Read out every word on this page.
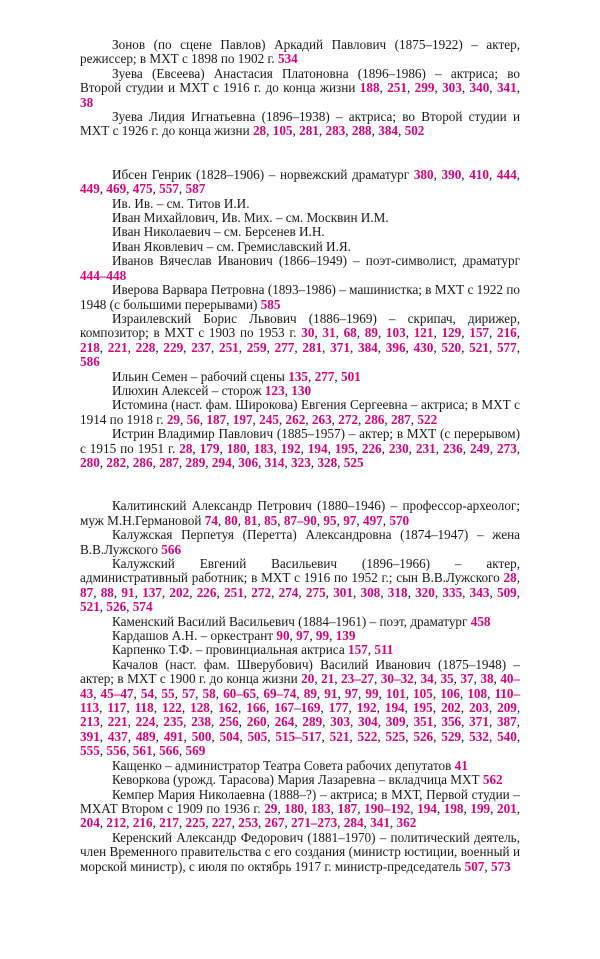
Зонов (по сцене Павлов) Аркадий Павлович (1875–1922) – актер, режиссер; в МХТ с 1898 по 1902 г. 534

Зуева (Евсеева) Анастасия Платоновна (1896–1986) – актриса; во Второй студии и МХТ с 1916 г. до конца жизни 188, 251, 299, 303, 340, 341, 38

Зуева Лидия Игнатьевна (1896–1938) – актриса; во Второй студии и МХТ с 1926 г. до конца жизни 28, 105, 281, 283, 288, 384, 502

Ибсен Генрик (1828–1906) – норвежский драматург 380, 390, 410, 444, 449, 469, 475, 557, 587

Ив. Ив. – см. Титов И.И.

Иван Михайлович, Ив. Мих. – см. Москвин И.М.

Иван Николаевич – см. Берсенев И.Н.

Иван Яковлевич – см. Гремиславский И.Я.

Иванов Вячеслав Иванович (1866–1949) – поэт-символист, драматург 444–448

Иверова Варвара Петровна (1893–1986) – машинистка; в МХТ с 1922 по 1948 (с большими перерывами) 585

Израилевский Борис Львович (1886–1969) – скрипач, дирижер, композитор; в МХТ с 1903 по 1953 г. 30, 31, 68, 89, 103, 121, 129, 157, 216, 218, 221, 228, 229, 237, 251, 259, 277, 281, 371, 384, 396, 430, 520, 521, 577, 586

Ильин Семен – рабочий сцены 135, 277, 501

Илюхин Алексей – сторож 123, 130

Истомина (наст. фам. Широкова) Евгения Сергеевна – актриса; в МХТ с 1914 по 1918 г. 29, 56, 187, 197, 245, 262, 263, 272, 286, 287, 522

Истрин Владимир Павлович (1885–1957) – актер; в МХТ (с перерывом) с 1915 по 1951 г. 28, 179, 180, 183, 192, 194, 195, 226, 230, 231, 236, 249, 273, 280, 282, 286, 287, 289, 294, 306, 314, 323, 328, 525

Калитинский Александр Петрович (1880–1946) – профессор-археолог; муж М.Н.Германовой 74, 80, 81, 85, 87–90, 95, 97, 497, 570

Калужская Перпетуя (Перетта) Александровна (1874–1947) – жена В.В.Лужского 566

Калужский Евгений Васильевич (1896–1966) – актер, административный работник; в МХТ с 1916 по 1952 г.; сын В.В.Лужского 28, 87, 88, 91, 137, 202, 226, 251, 272, 274, 275, 301, 308, 318, 320, 335, 343, 509, 521, 526, 574

Каменский Василий Васильевич (1884–1961) – поэт, драматург 458

Кардашов А.Н. – оркестрант 90, 97, 99, 139

Карпенко Т.Ф. – провинциальная актриса 157, 511

Качалов (наст. фам. Шверубович) Василий Иванович (1875–1948) – актер; в МХТ с 1900 г. до конца жизни 20, 21, 23–27, 30–32, 34, 35, 37, 38, 40–43, 45–47, 54, 55, 57, 58, 60–65, 69–74, 89, 91, 97, 99, 101, 105, 106, 108, 110–113, 117, 118, 122, 128, 162, 166, 167–169, 177, 192, 194, 195, 202, 203, 209, 213, 221, 224, 235, 238, 256, 260, 264, 289, 303, 304, 309, 351, 356, 371, 387, 391, 437, 489, 491, 500, 504, 505, 515–517, 521, 522, 525, 526, 529, 532, 540, 555, 556, 561, 566, 569

Кащенко – администратор Театра Совета рабочих депутатов 41

Кеворкова (урожд. Тарасова) Мария Лазаревна – вкладчица МХТ 562

Кемпер Мария Николаевна (1888–?) – актриса; в МХТ, Первой студии – МХАТ Втором с 1909 по 1936 г. 29, 180, 183, 187, 190–192, 194, 198, 199, 201, 204, 212, 216, 217, 225, 227, 253, 267, 271–273, 284, 341, 362

Керенский Александр Федорович (1881–1970) – политический деятель, член Временного правительства с его создания (министр юстиции, военный и морской министр), с июля по октябрь 1917 г. министр-председатель 507, 573
